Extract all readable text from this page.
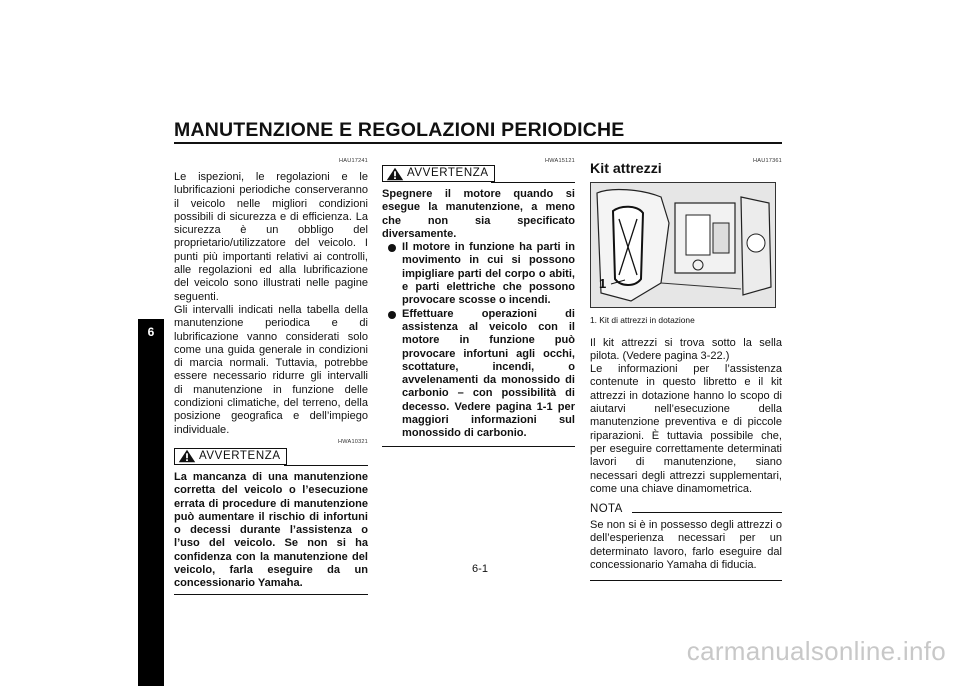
MANUTENZIONE E REGOLAZIONI PERIODICHE
6
HAU17241

Le ispezioni, le regolazioni e le lubrificazioni periodiche conserveranno il veicolo nelle migliori condizioni possibili di sicurezza e di efficienza. La sicurezza è un obbligo del proprietario/utilizzatore del veicolo. I punti più importanti relativi ai controlli, alle regolazioni ed alla lubrificazione del veicolo sono illustrati nelle pagine seguenti.

Gli intervalli indicati nella tabella della manutenzione periodica e di lubrificazione vanno considerati solo come una guida generale in condizioni di marcia normali. Tuttavia, potrebbe essere necessario ridurre gli intervalli di manutenzione in funzione delle condizioni climatiche, del terreno, della posizione geografica e dell’impiego individuale.

HWA10321
AVVERTENZA

La mancanza di una manutenzione corretta del veicolo o l’esecuzione errata di procedure di manutenzione può aumentare il rischio di infortuni o decessi durante l’assistenza o l’uso del veicolo. Se non si ha confidenza con la manutenzione del veicolo, farla eseguire da un concessionario Yamaha.

HWA15121
AVVERTENZA

Spegnere il motore quando si esegue la manutenzione, a meno che non sia specificato diversamente.

Il motore in funzione ha parti in movimento in cui si possono impigliare parti del corpo o abiti, e parti elettriche che possono provocare scosse o incendi.
Effettuare operazioni di assistenza al veicolo con il motore in funzione può provocare infortuni agli occhi, scottature, incendi, o avvelenamenti da monossido di carbonio – con possibilità di decesso. Vedere pagina 1-1 per maggiori informazioni sul monossido di carbonio.
HAU17361
Kit attrezzi
1
1. Kit di attrezzi in dotazione

Il kit attrezzi si trova sotto la sella pilota. (Vedere pagina 3-22.)

Le informazioni per l’assistenza contenute in questo libretto e il kit attrezzi in dotazione hanno lo scopo di aiutarvi nell’esecuzione della manutenzione preventiva e di piccole riparazioni. È tuttavia possibile che, per eseguire correttamente determinati lavori di manutenzione, siano necessari degli attrezzi supplementari, come una chiave dinamometrica.

NOTA

Se non si è in possesso degli attrezzi o dell’esperienza necessari per un determinato lavoro, farlo eseguire dal concessionario Yamaha di fiducia.

6-1
carmanualsonline.info
